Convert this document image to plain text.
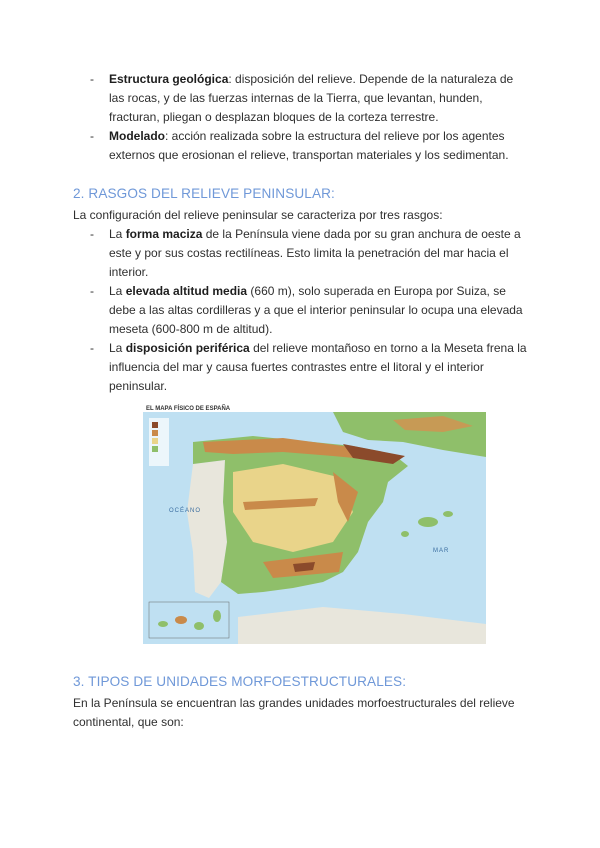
- Estructura geológica: disposición del relieve. Depende de la naturaleza de las rocas, y de las fuerzas internas de la Tierra, que levantan, hunden, fracturan, pliegan o desplazan bloques de la corteza terrestre.
- Modelado: acción realizada sobre la estructura del relieve por los agentes externos que erosionan el relieve, transportan materiales y los sedimentan.
2. RASGOS DEL RELIEVE PENINSULAR:

La configuración del relieve peninsular se caracteriza por tres rasgos:

- La forma maciza de la Península viene dada por su gran anchura de oeste a este y por sus costas rectilíneas. Esto limita la penetración del mar hacia el interior.
- La elevada altitud media (660 m), solo superada en Europa por Suiza, se debe a las altas cordilleras y a que el interior peninsular lo ocupa una elevada meseta (600-800 m de altitud).
- La disposición periférica del relieve montañoso en torno a la Meseta frena la influencia del mar y causa fuertes contrastes entre el litoral y el interior peninsular.
EL MAPA FÍSICO DE ESPAÑA
OCÉANO
MAR
3. TIPOS DE UNIDADES MORFOESTRUCTURALES:

En la Península se encuentran las grandes unidades morfoestructurales del relieve continental, que son:
